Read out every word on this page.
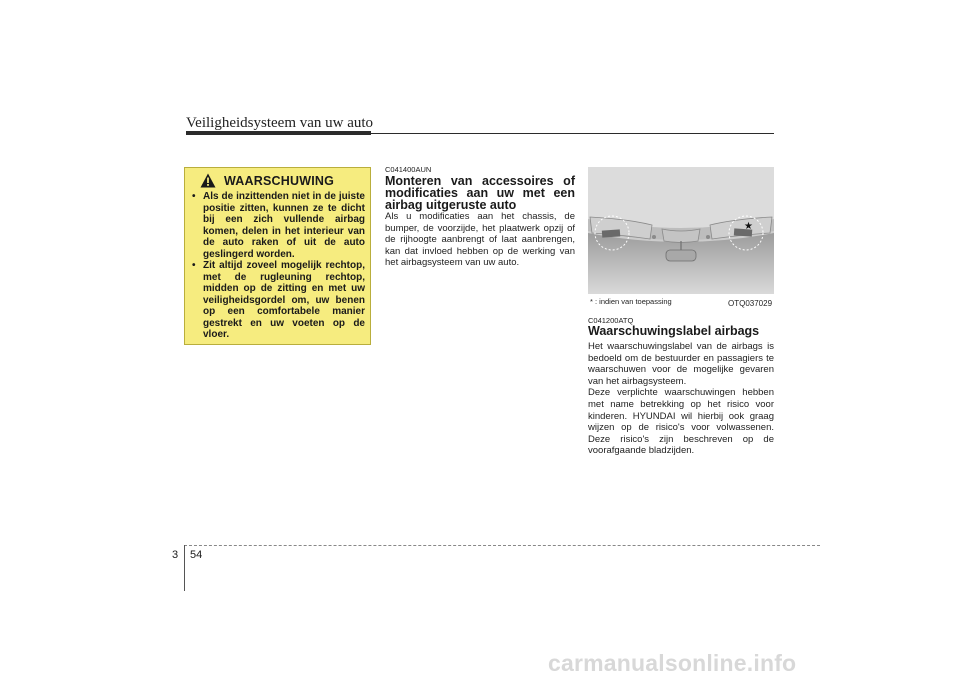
Veiligheidsysteem van uw auto
WAARSCHUWING
• Als de inzittenden niet in de juiste positie zitten, kunnen ze te dicht bij een zich vullende airbag komen, delen in het interieur van de auto raken of uit de auto geslingerd worden.
• Zit altijd zoveel mogelijk rechtop, met de rugleuning rechtop, midden op de zitting en met uw veiligheidsgordel om, uw benen op een comfortabele manier gestrekt en uw voeten op de vloer.
C041400AUN
Monteren van accessoires of modificaties aan uw met een airbag uitgeruste auto

Als u modificaties aan het chassis, de bumper, de voorzijde, het plaatwerk opzij of de rijhoogte aanbrengt of laat aanbrengen, kan dat invloed hebben op de werking van het airbagsysteem van uw auto.

★
* : indien van toepassing	OTQ037029
C041200ATQ
Waarschuwingslabel airbags

Het waarschuwingslabel van de airbags is bedoeld om de bestuurder en passagiers te waarschuwen voor de mogelijke gevaren van het airbagsysteem.

Deze verplichte waarschuwingen hebben met name betrekking op het risico voor kinderen. HYUNDAI wil hierbij ook graag wijzen op de risico's voor volwassenen. Deze risico's zijn beschreven op de voorafgaande bladzijden.

3 54
carmanualsonline.info
